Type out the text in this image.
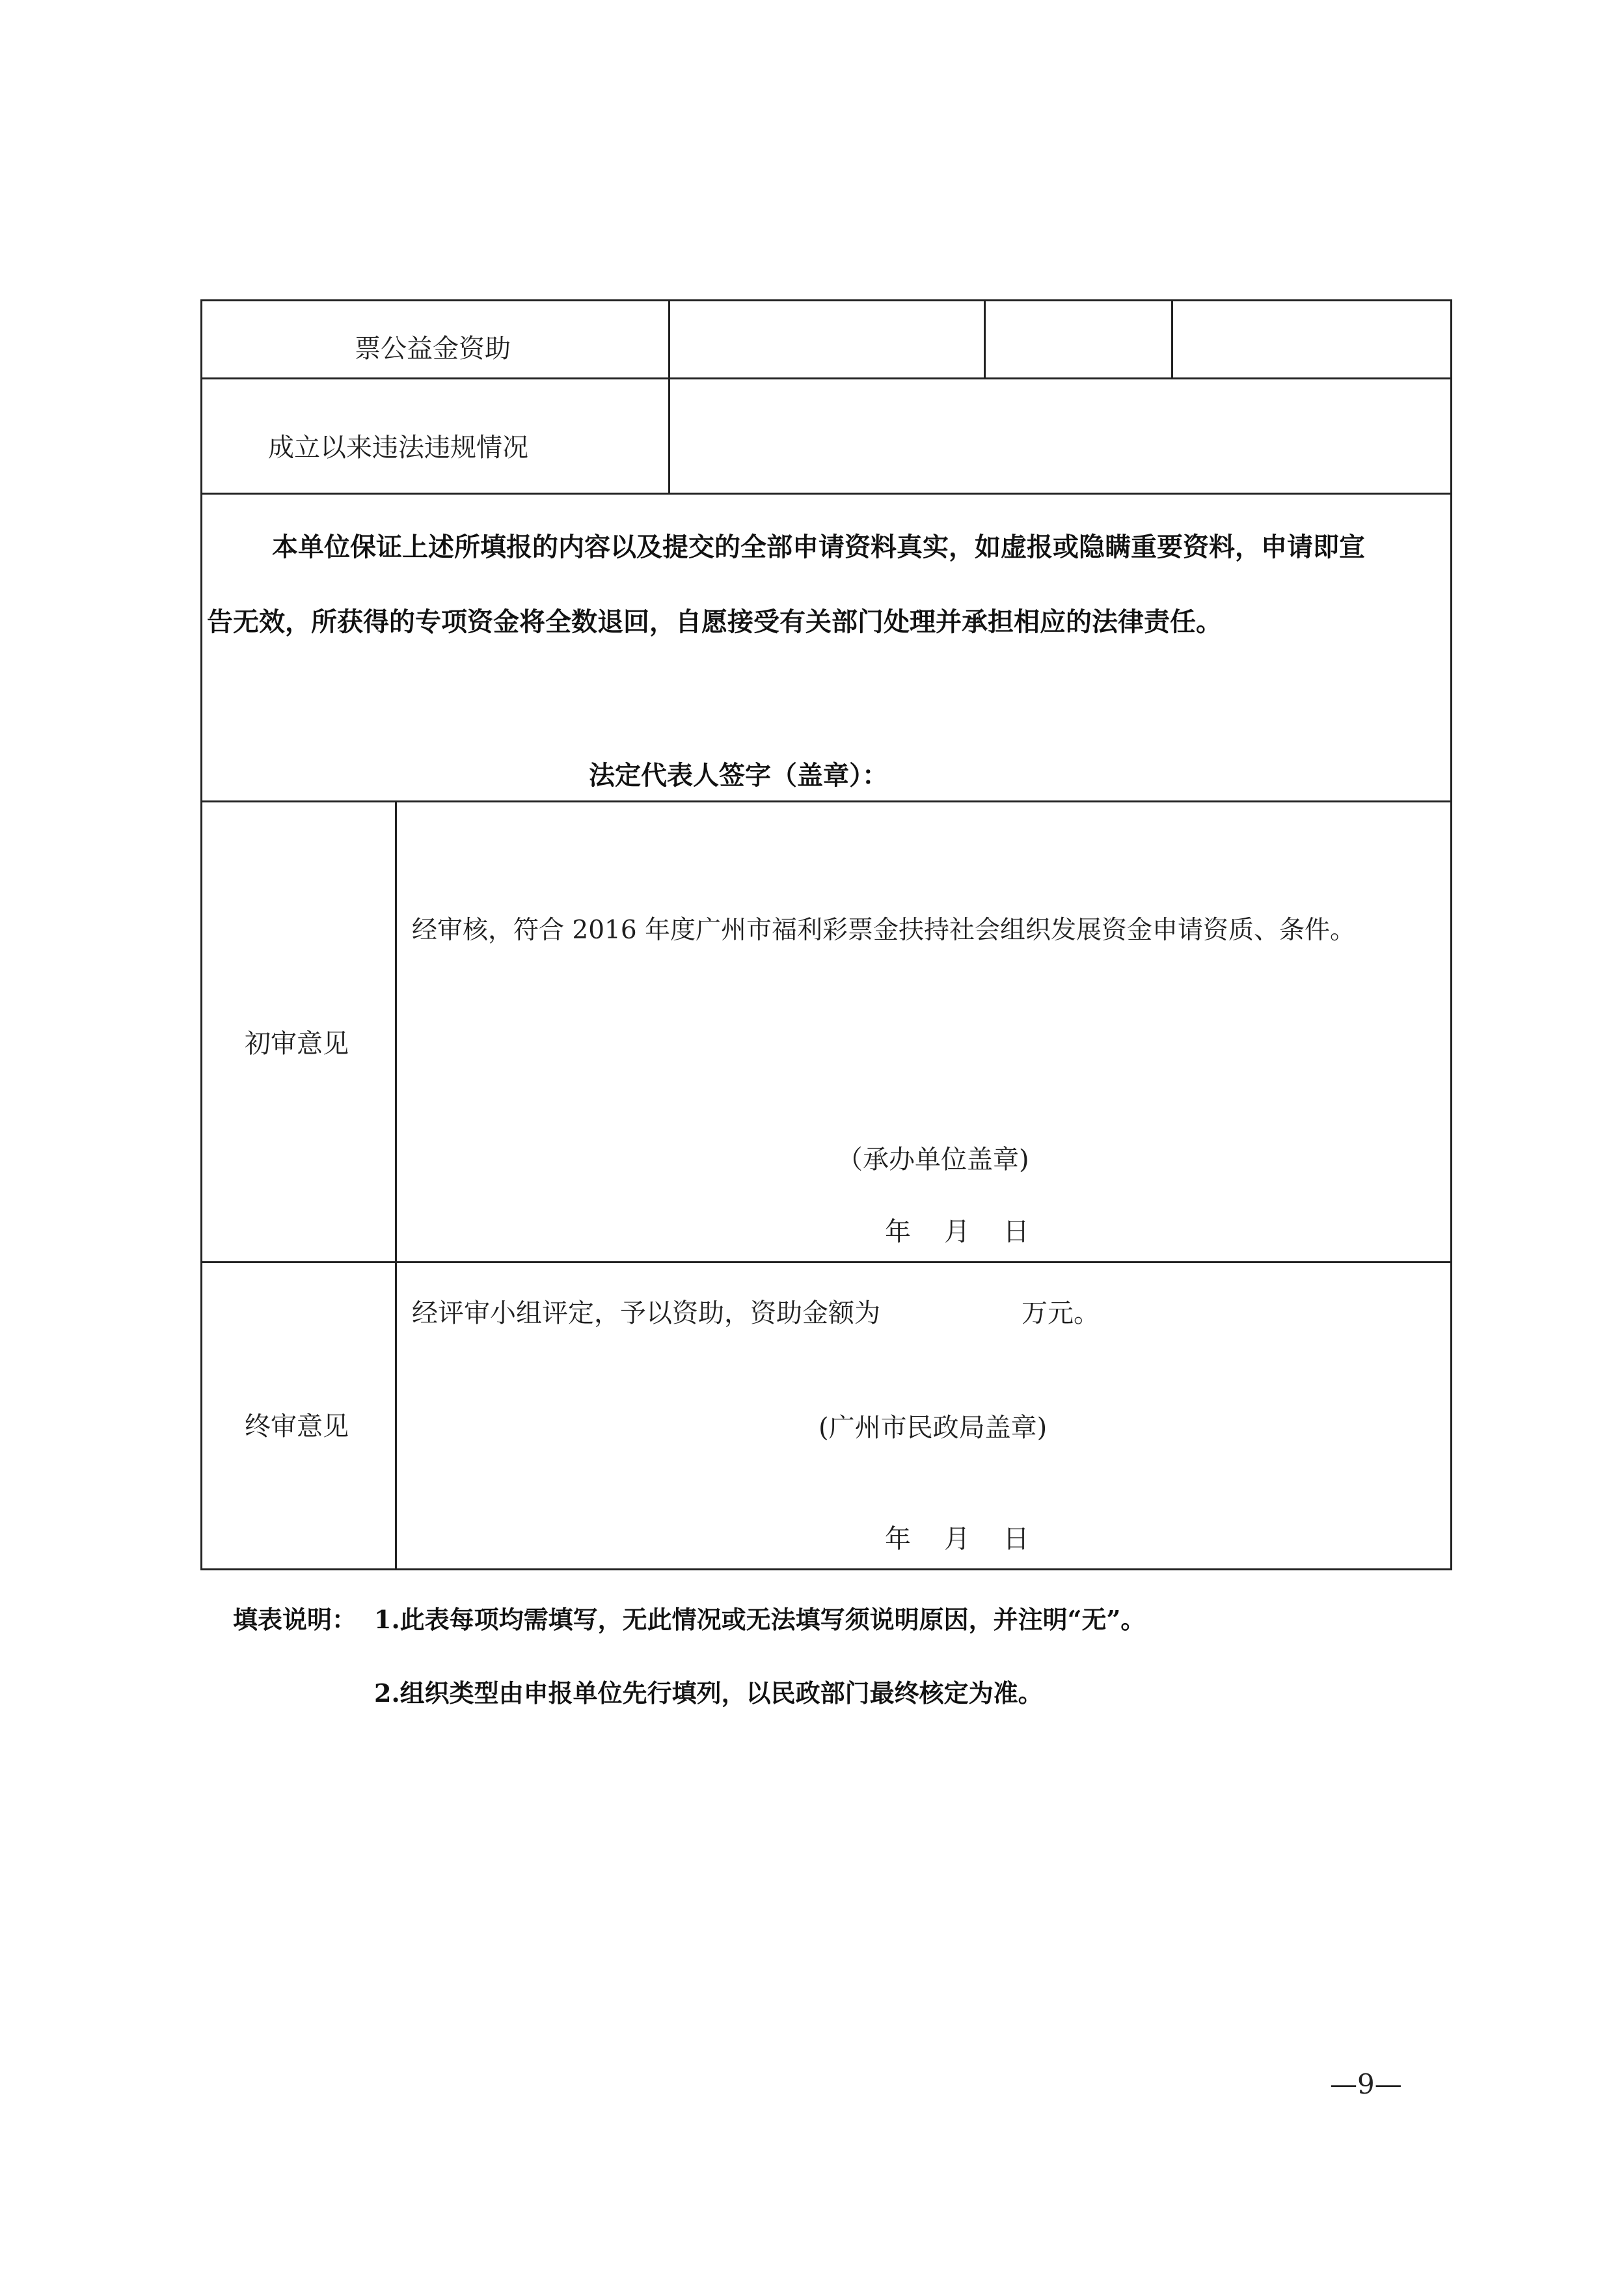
票公益金资助
成立以来违法违规情况
本单位保证上述所填报的内容以及提交的全部申请资料真实，如虚报或隐瞒重要资料，申请即宣
告无效，所获得的专项资金将全数退回，自愿接受有关部门处理并承担相应的法律责任。
法定代表人签字（盖章）：
初审意见
经审核，符合 2016 年度广州市福利彩票金扶持社会组织发展资金申请资质、条件。
（承办单位盖章)
年    月    日
终审意见
经评审小组评定，予以资助，资助金额为	万元。
(广州市民政局盖章)
年    月    日
填表说明： 1.此表每项均需填写，无此情况或无法填写须说明原因，并注明“无”。
2.组织类型由申报单位先行填列，以民政部门最终核定为准。
—9—
